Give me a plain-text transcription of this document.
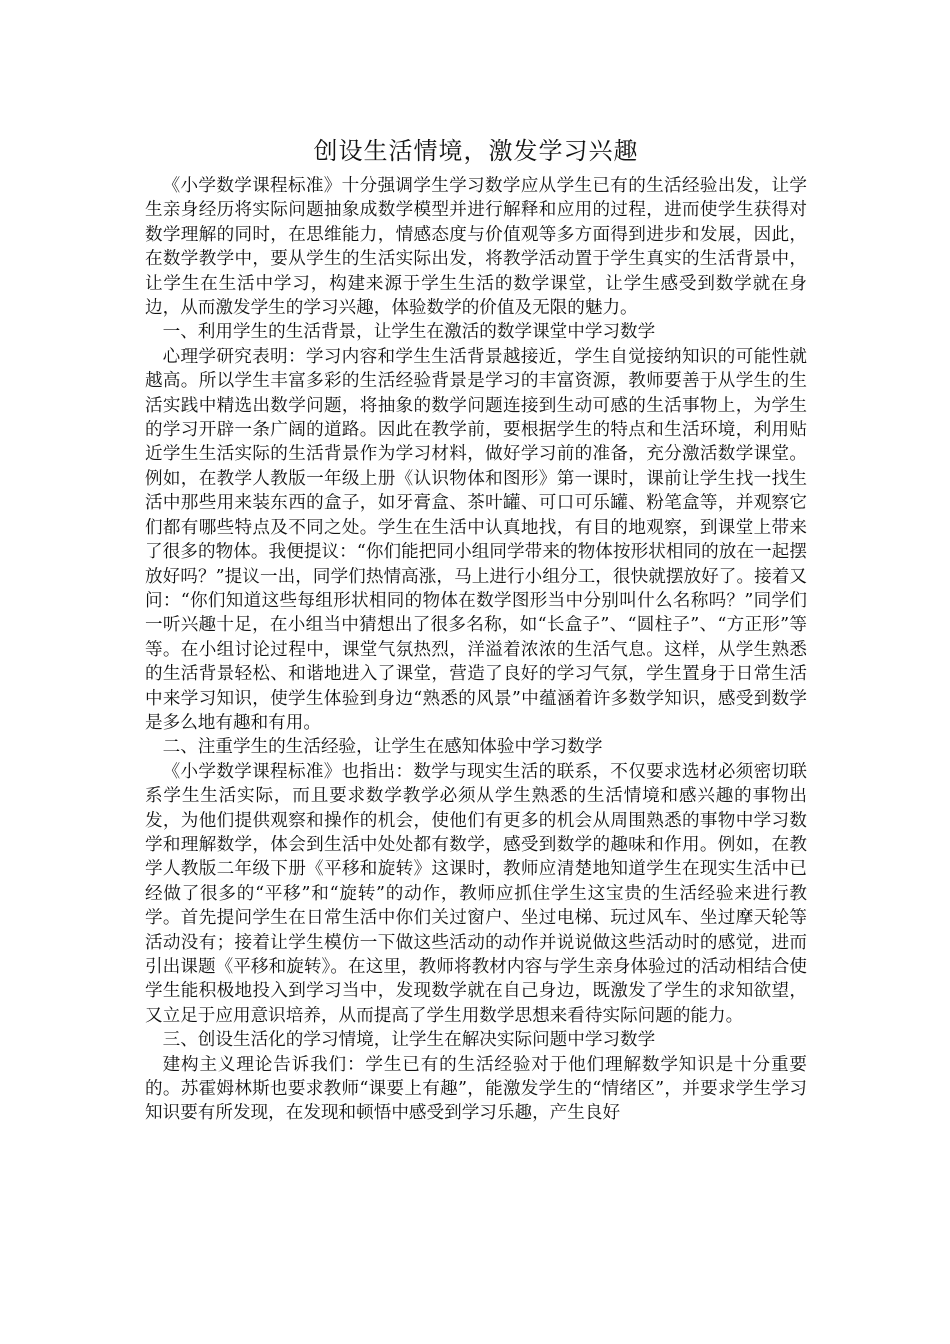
创设生活情境，激发学习兴趣

《小学数学课程标准》十分强调学生学习数学应从学生已有的生活经验出发，让学生亲身经历将实际问题抽象成数学模型并进行解释和应用的过程，进而使学生获得对数学理解的同时，在思维能力，情感态度与价值观等多方面得到进步和发展，因此，在数学教学中，要从学生的生活实际出发，将教学活动置于学生真实的生活背景中，让学生在生活中学习，构建来源于学生生活的数学课堂，让学生感受到数学就在身边，从而激发学生的学习兴趣，体验数学的价值及无限的魅力。

一、利用学生的生活背景，让学生在激活的数学课堂中学习数学

心理学研究表明：学习内容和学生生活背景越接近，学生自觉接纳知识的可能性就越高。所以学生丰富多彩的生活经验背景是学习的丰富资源，教师要善于从学生的生活实践中精选出数学问题，将抽象的数学问题连接到生动可感的生活事物上，为学生的学习开辟一条广阔的道路。因此在教学前，要根据学生的特点和生活环境，利用贴近学生生活实际的生活背景作为学习材料，做好学习前的准备，充分激活数学课堂。例如，在教学人教版一年级上册《认识物体和图形》第一课时，课前让学生找一找生活中那些用来装东西的盒子，如牙膏盒、茶叶罐、可口可乐罐、粉笔盒等，并观察它们都有哪些特点及不同之处。学生在生活中认真地找，有目的地观察，到课堂上带来了很多的物体。我便提议：“你们能把同小组同学带来的物体按形状相同的放在一起摆放好吗？”提议一出，同学们热情高涨，马上进行小组分工，很快就摆放好了。接着又问：“你们知道这些每组形状相同的物体在数学图形当中分别叫什么名称吗？”同学们一听兴趣十足，在小组当中猜想出了很多名称，如“长盒子”、“圆柱子”、“方正形”等等。在小组讨论过程中，课堂气氛热烈，洋溢着浓浓的生活气息。这样，从学生熟悉的生活背景轻松、和谐地进入了课堂，营造了良好的学习气氛，学生置身于日常生活中来学习知识，使学生体验到身边“熟悉的风景”中蕴涵着许多数学知识，感受到数学是多么地有趣和有用。

二、注重学生的生活经验，让学生在感知体验中学习数学

《小学数学课程标准》也指出：数学与现实生活的联系，不仅要求选材必须密切联系学生生活实际，而且要求数学教学必须从学生熟悉的生活情境和感兴趣的事物出发，为他们提供观察和操作的机会，使他们有更多的机会从周围熟悉的事物中学习数学和理解数学，体会到生活中处处都有数学，感受到数学的趣味和作用。例如，在教学人教版二年级下册《平移和旋转》这课时，教师应清楚地知道学生在现实生活中已经做了很多的“平移”和“旋转”的动作，教师应抓住学生这宝贵的生活经验来进行教学。首先提问学生在日常生活中你们关过窗户、坐过电梯、玩过风车、坐过摩天轮等活动没有；接着让学生模仿一下做这些活动的动作并说说做这些活动时的感觉，进而引出课题《平移和旋转》。在这里，教师将教材内容与学生亲身体验过的活动相结合使学生能积极地投入到学习当中，发现数学就在自己身边，既激发了学生的求知欲望，又立足于应用意识培养，从而提高了学生用数学思想来看待实际问题的能力。

三、创设生活化的学习情境，让学生在解决实际问题中学习数学

建构主义理论告诉我们：学生已有的生活经验对于他们理解数学知识是十分重要的。苏霍姆林斯也要求教师“课要上有趣”，能激发学生的“情绪区”，并要求学生学习知识要有所发现，在发现和顿悟中感受到学习乐趣，产生良好
